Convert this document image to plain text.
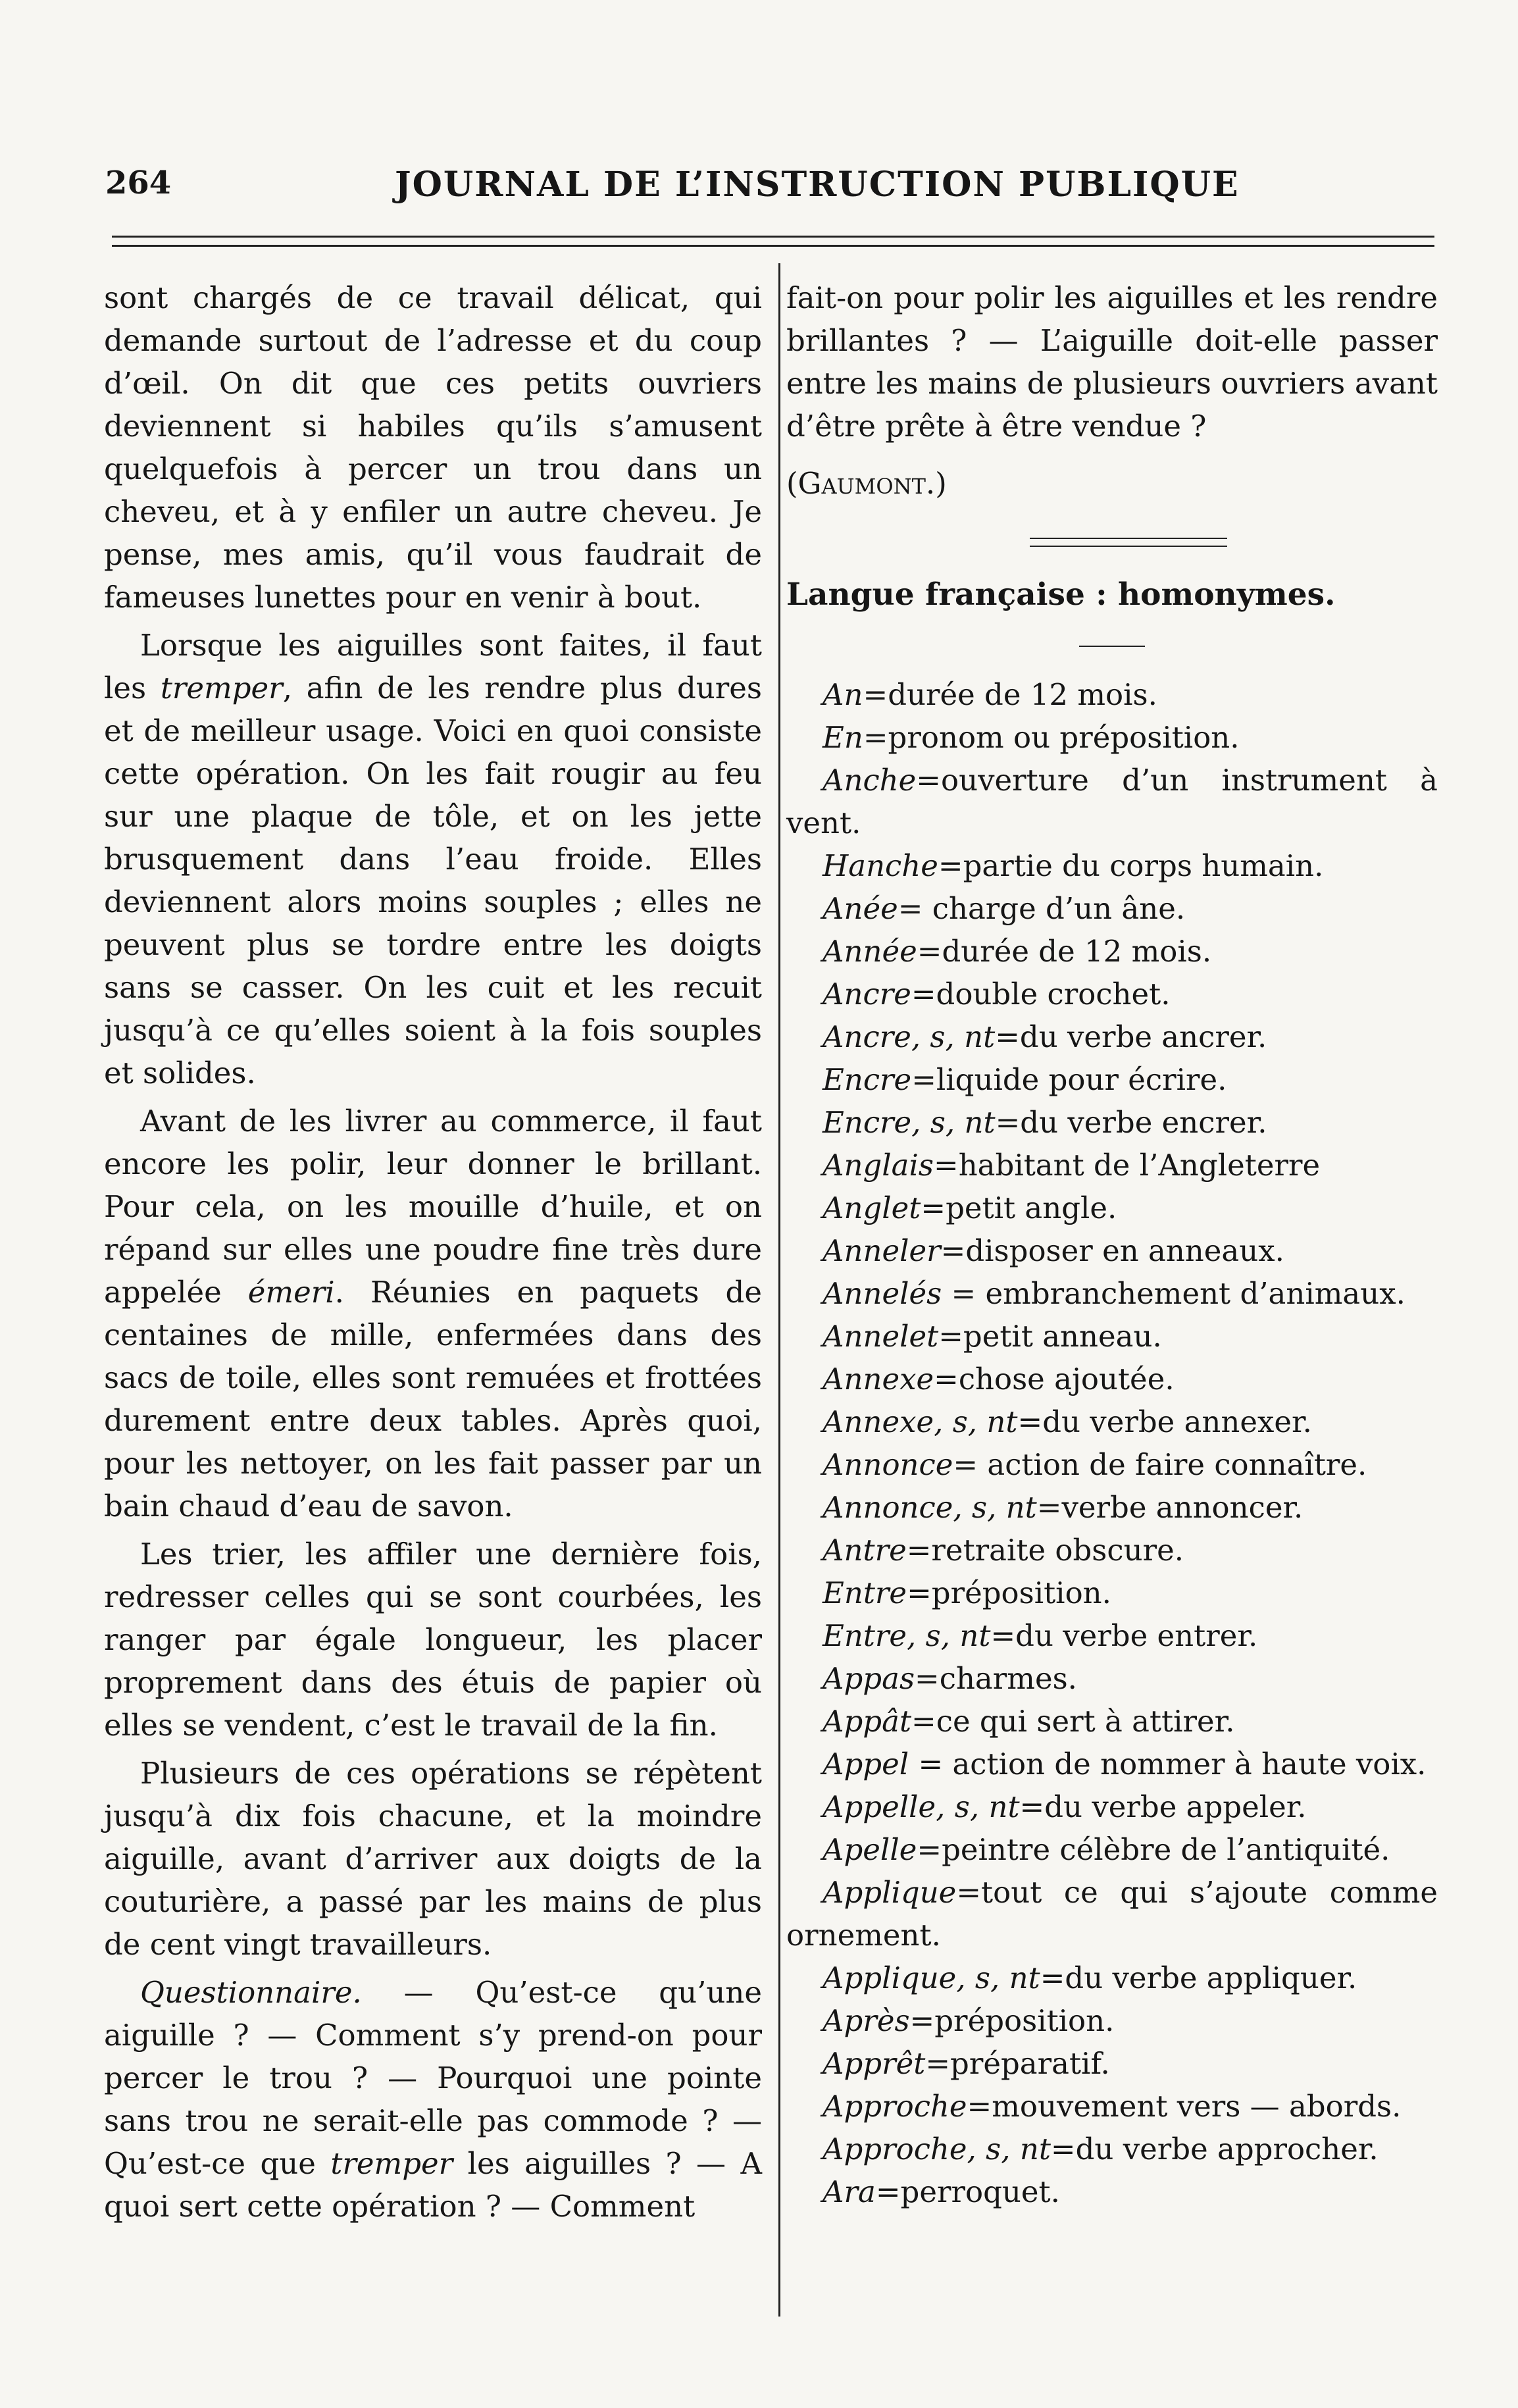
264	JOURNAL DE L’INSTRUCTION PUBLIQUE

sont chargés de ce travail délicat, qui demande surtout de l’adresse et du coup d’œil. On dit que ces petits ouvriers deviennent si habiles qu’ils s’amusent quelquefois à percer un trou dans un cheveu, et à y enfiler un autre cheveu. Je pense, mes amis, qu’il vous faudrait de fameuses lunettes pour en venir à bout.

Lorsque les aiguilles sont faites, il faut les tremper, afin de les rendre plus dures et de meilleur usage. Voici en quoi consiste cette opération. On les fait rougir au feu sur une plaque de tôle, et on les jette brusquement dans l’eau froide. Elles deviennent alors moins souples ; elles ne peuvent plus se tordre entre les doigts sans se casser. On les cuit et les recuit jusqu’à ce qu’elles soient à la fois souples et solides.

Avant de les livrer au commerce, il faut encore les polir, leur donner le brillant. Pour cela, on les mouille d’huile, et on répand sur elles une poudre fine très dure appelée émeri. Réunies en paquets de centaines de mille, enfermées dans des sacs de toile, elles sont remuées et frottées durement entre deux tables. Après quoi, pour les nettoyer, on les fait passer par un bain chaud d’eau de savon.

Les trier, les affiler une dernière fois, redresser celles qui se sont courbées, les ranger par égale longueur, les placer proprement dans des étuis de papier où elles se vendent, c’est le travail de la fin.

Plusieurs de ces opérations se répètent jusqu’à dix fois chacune, et la moindre aiguille, avant d’arriver aux doigts de la couturière, a passé par les mains de plus de cent vingt travailleurs.

Questionnaire. — Qu’est-ce qu’une aiguille ? — Comment s’y prend-on pour percer le trou ? — Pourquoi une pointe sans trou ne serait-elle pas commode ? — Qu’est-ce que tremper les aiguilles ? — A quoi sert cette opération ? — Comment

fait-on pour polir les aiguilles et les rendre brillantes ? — L’aiguille doit-elle passer entre les mains de plusieurs ouvriers avant d’être prête à être vendue ?

(Gaumont.)

Langue française : homonymes.

An=durée de 12 mois.

En=pronom ou préposition.

Anche=ouverture d’un instrument à vent.

Hanche=partie du corps humain.

Anée= charge d’un âne.

Année=durée de 12 mois.

Ancre=double crochet.

Ancre, s, nt=du verbe ancrer.

Encre=liquide pour écrire.

Encre, s, nt=du verbe encrer.

Anglais=habitant de l’Angleterre

Anglet=petit angle.

Anneler=disposer en anneaux.

Annelés = embranchement d’animaux.

Annelet=petit anneau.

Annexe=chose ajoutée.

Annexe, s, nt=du verbe annexer.

Annonce= action de faire connaître.

Annonce, s, nt=verbe annoncer.

Antre=retraite obscure.

Entre=préposition.

Entre, s, nt=du verbe entrer.

Appas=charmes.

Appât=ce qui sert à attirer.

Appel = action de nommer à haute voix.

Appelle, s, nt=du verbe appeler.

Apelle=peintre célèbre de l’antiquité.

Applique=tout ce qui s’ajoute comme ornement.

Applique, s, nt=du verbe appliquer.

Après=préposition.

Apprêt=préparatif.

Approche=mouvement vers — abords.

Approche, s, nt=du verbe approcher.

Ara=perroquet.
